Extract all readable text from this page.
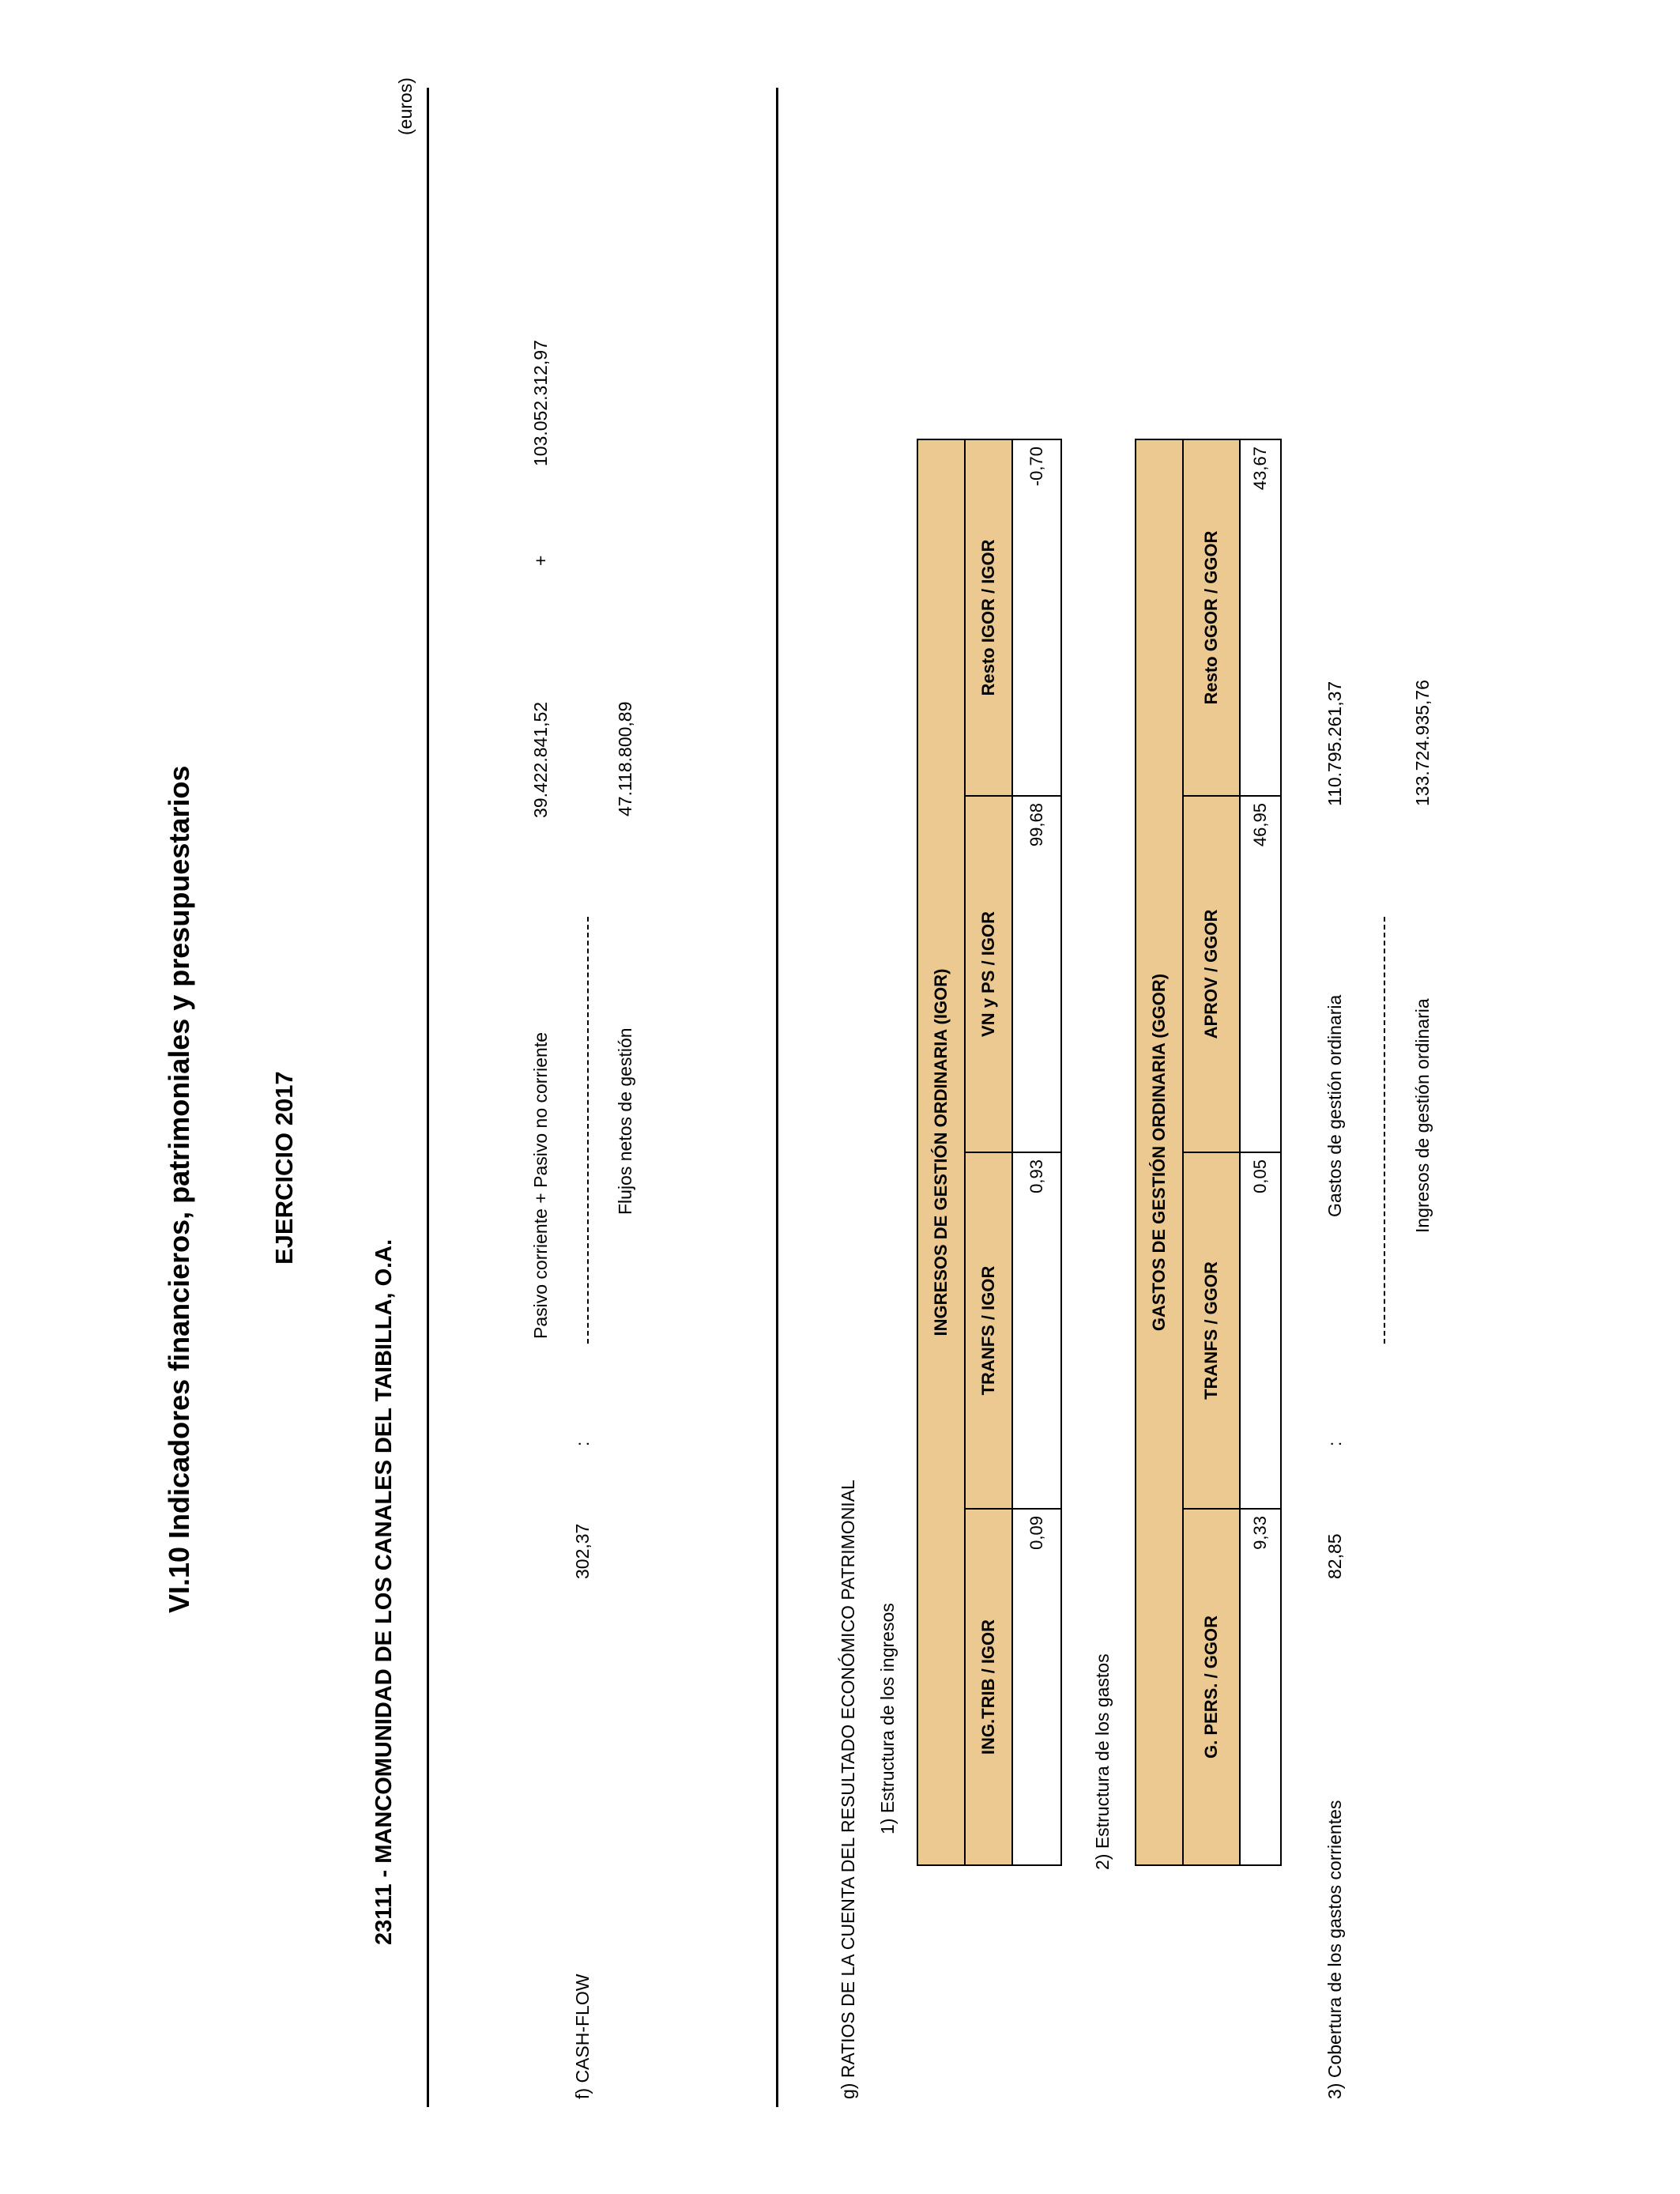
VI.10 Indicadores financieros, patrimoniales y presupuestarios	EJERCICIO 2017
23111 - MANCOMUNIDAD DE LOS CANALES DEL TAIBILLA, O.A.
(euros)
f) CASH-FLOW
302,37
:
Pasivo corriente + Pasivo no corriente	Flujos netos de gestión
39.422.841,52
+
103.052.312,97
47.118.800,89
g) RATIOS DE LA CUENTA DEL RESULTADO ECONÓMICO PATRIMONIAL 1) Estructura de los ingresos
INGRESOS DE GESTIÓN ORDINARIA (IGOR)			
ING.TRIB / IGOR	TRANFS / IGOR	VN y PS / IGOR	Resto IGOR / IGOR
0,09	0,93	99,68	-0,70
2) Estructura de los gastos
GASTOS DE GESTIÓN ORDINARIA (GGOR)			
G. PERS. / GGOR	TRANFS / GGOR	APROV / GGOR	Resto GGOR / GGOR
9,33	0,05	46,95	43,67
3) Cobertura de los gastos corrientes
82,85
:
Gastos de gestión ordinaria	Ingresos de gestión ordinaria
110.795.261,37	133.724.935,76
